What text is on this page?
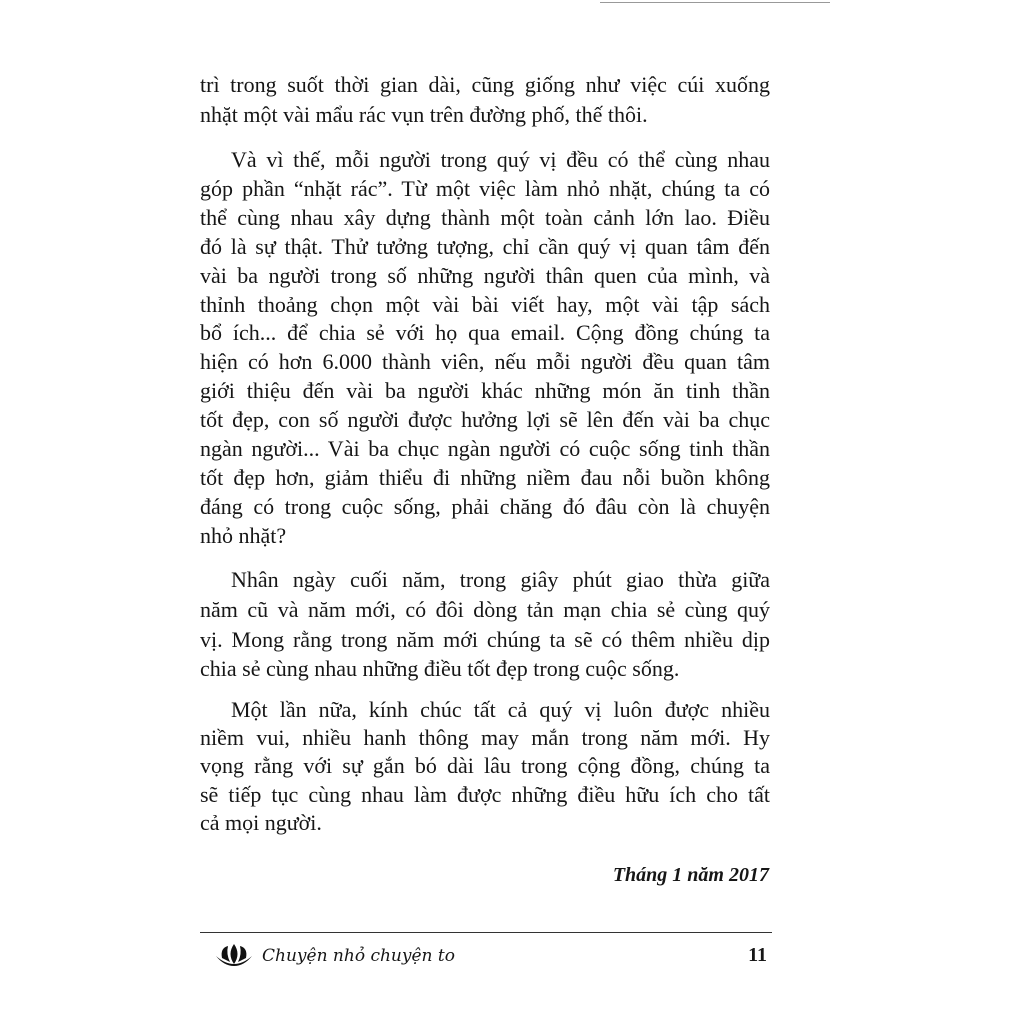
trì trong suốt thời gian dài, cũng giống như việc cúi xuống
nhặt một vài mẩu rác vụn trên đường phố, thế thôi.
Và vì thế, mỗi người trong quý vị đều có thể cùng nhau
góp phần “nhặt rác”. Từ một việc làm nhỏ nhặt, chúng ta có
thể cùng nhau xây dựng thành một toàn cảnh lớn lao. Điều
đó là sự thật. Thử tưởng tượng, chỉ cần quý vị quan tâm đến
vài ba người trong số những người thân quen của mình, và
thỉnh thoảng chọn một vài bài viết hay, một vài tập sách
bổ ích... để chia sẻ với họ qua email. Cộng đồng chúng ta
hiện có hơn 6.000 thành viên, nếu mỗi người đều quan tâm
giới thiệu đến vài ba người khác những món ăn tinh thần
tốt đẹp, con số người được hưởng lợi sẽ lên đến vài ba chục
ngàn người... Vài ba chục ngàn người có cuộc sống tinh thần
tốt đẹp hơn, giảm thiểu đi những niềm đau nỗi buồn không
đáng có trong cuộc sống, phải chăng đó đâu còn là chuyện
nhỏ nhặt?
Nhân ngày cuối năm, trong giây phút giao thừa giữa
năm cũ và năm mới, có đôi dòng tản mạn chia sẻ cùng quý
vị. Mong rằng trong năm mới chúng ta sẽ có thêm nhiều dịp
chia sẻ cùng nhau những điều tốt đẹp trong cuộc sống.
Một lần nữa, kính chúc tất cả quý vị luôn được nhiều
niềm vui, nhiều hanh thông may mắn trong năm mới. Hy
vọng rằng với sự gắn bó dài lâu trong cộng đồng, chúng ta
sẽ tiếp tục cùng nhau làm được những điều hữu ích cho tất
cả mọi người.
Tháng 1 năm 2017
Chuyện nhỏ chuyện to	11
